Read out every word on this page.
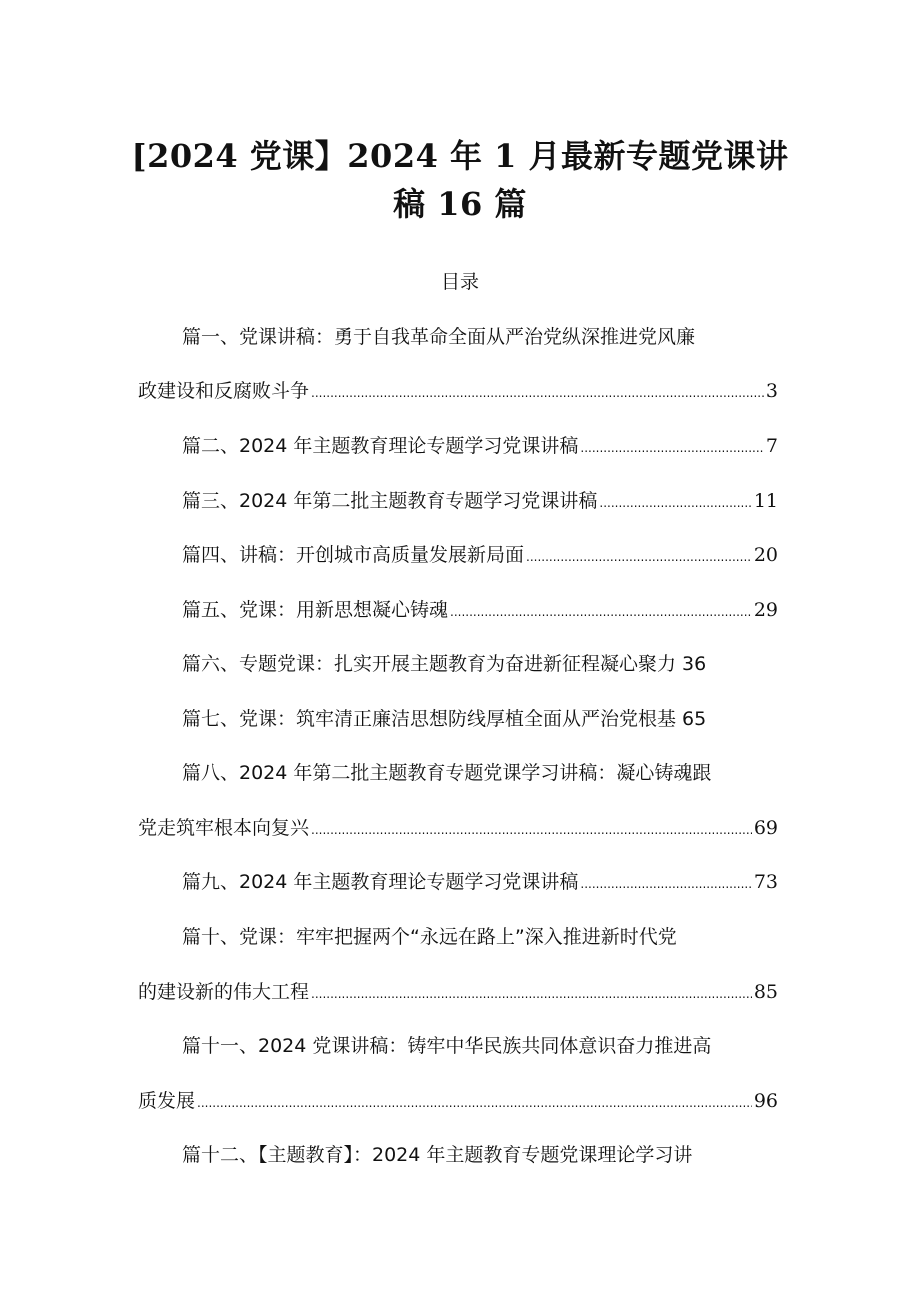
[2024 党课】2024 年 1 月最新专题党课讲
稿 16 篇
目录
篇一、党课讲稿：勇于自我革命全面从严治党纵深推进党风廉
政建设和反腐败斗争 .....	3
篇二、2024 年主题教育理论专题学习党课讲稿 .....	7
篇三、2024 年第二批主题教育专题学习党课讲稿 .....	11
篇四、讲稿：开创城市高质量发展新局面 .....	20
篇五、党课：用新思想凝心铸魂 .....	29
篇六、专题党课：扎实开展主题教育为奋进新征程凝心聚力 36
篇七、党课：筑牢清正廉洁思想防线厚植全面从严治党根基 65
篇八、2024 年第二批主题教育专题党课学习讲稿：凝心铸魂跟
党走筑牢根本向复兴 .....	69
篇九、2024 年主题教育理论专题学习党课讲稿 .....	73
篇十、党课：牢牢把握两个“永远在路上”深入推进新时代党
的建设新的伟大工程 .....	85
篇十一、2024 党课讲稿：铸牢中华民族共同体意识奋力推进高
质发展 .....	96
篇十二、【主题教育】：2024 年主题教育专题党课理论学习讲
